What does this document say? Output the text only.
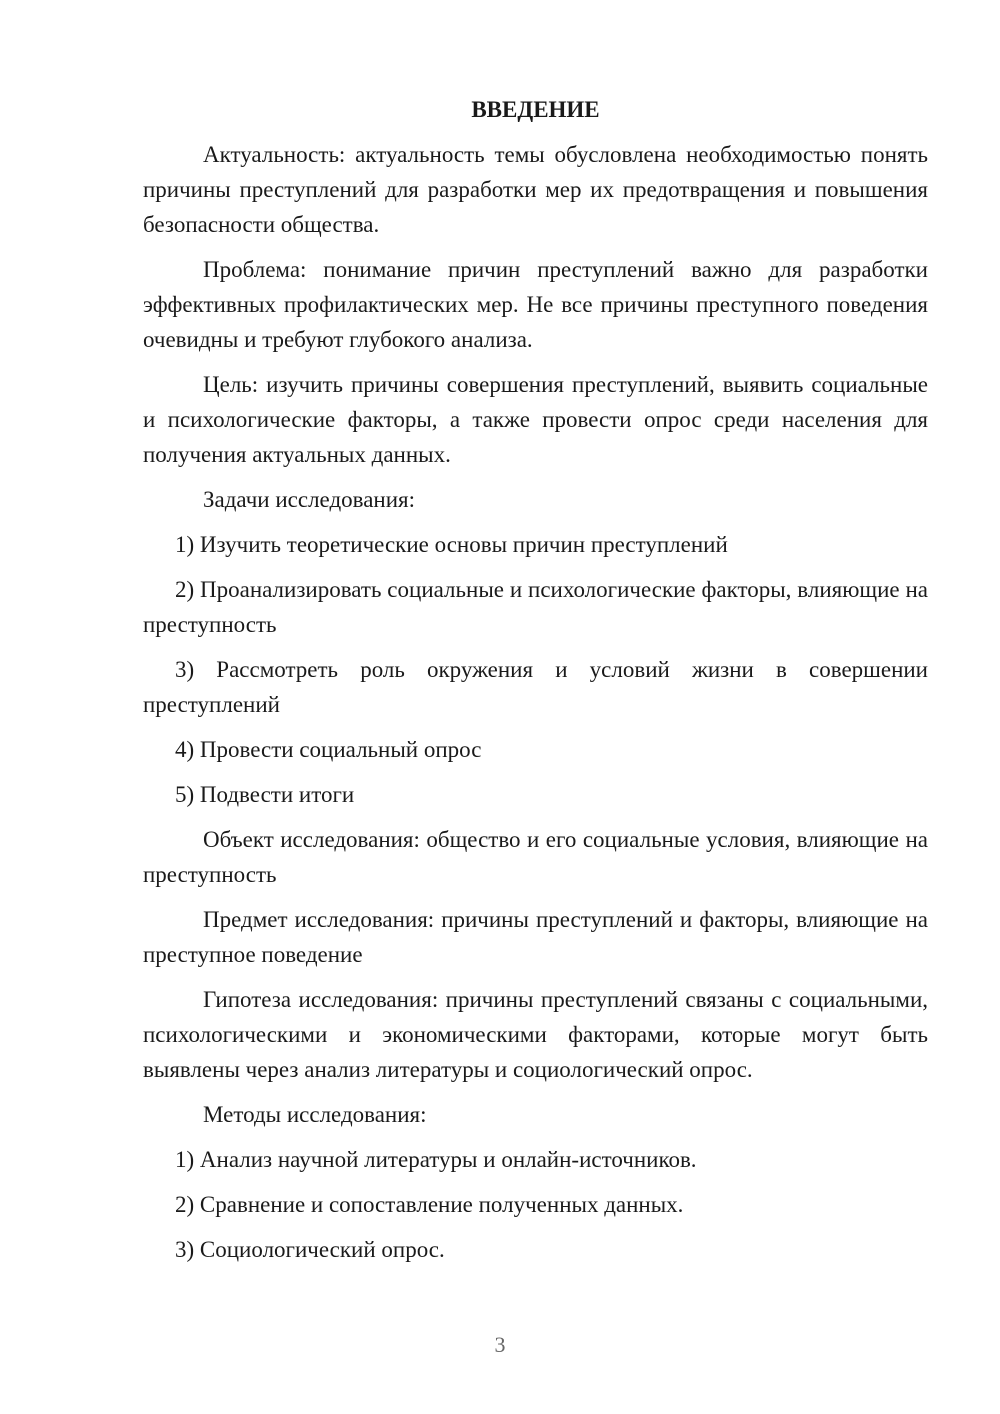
ВВЕДЕНИЕ

Актуальность: актуальность темы обусловлена необходимостью понять причины преступлений для разработки мер их предотвращения и повышения безопасности общества.

Проблема: понимание причин преступлений важно для разработки эффективных профилактических мер. Не все причины преступного поведения очевидны и требуют глубокого анализа.

Цель: изучить причины совершения преступлений, выявить социальные и психологические факторы, а также провести опрос среди населения для получения актуальных данных.

Задачи исследования:

1) Изучить теоретические основы причин преступлений

2) Проанализировать социальные и психологические факторы, влияющие на преступность

3) Рассмотреть роль окружения и условий жизни в совершении преступлений

4) Провести социальный опрос

5) Подвести итоги

Объект исследования: общество и его социальные условия, влияющие на преступность

Предмет исследования: причины преступлений и факторы, влияющие на преступное поведение

Гипотеза исследования: причины преступлений связаны с социальными, психологическими и экономическими факторами, которые могут быть выявлены через анализ литературы и социологический опрос.

Методы исследования:

1) Анализ научной литературы и онлайн-источников.

2) Сравнение и сопоставление полученных данных.

3) Социологический опрос.

3
